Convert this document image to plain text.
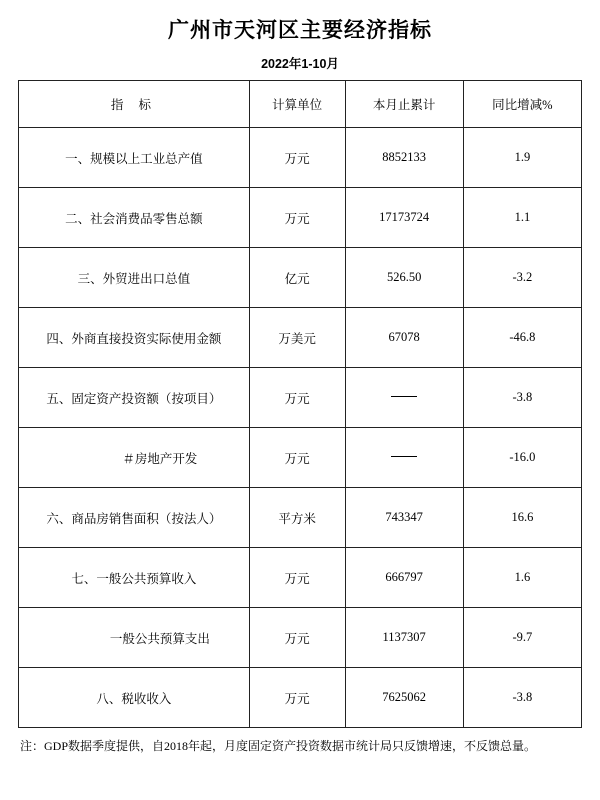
广州市天河区主要经济指标
2022年1-10月
指 标	计算单位	本月止累计	同比增减%
一、规模以上工业总产值	万元	8852133	1.9
二、社会消费品零售总额	万元	17173724	1.1
三、外贸进出口总值	亿元	526.50	-3.2
四、外商直接投资实际使用金额	万美元	67078	-46.8
五、固定资产投资额（按项目）	万元		-3.8
＃房地产开发	万元		-16.0
六、商品房销售面积（按法人）	平方米	743347	16.6
七、一般公共预算收入	万元	666797	1.6
一般公共预算支出	万元	1137307	-9.7
八、税收收入	万元	7625062	-3.8
注：GDP数据季度提供，自2018年起，月度固定资产投资数据市统计局只反馈增速，不反馈总量。
